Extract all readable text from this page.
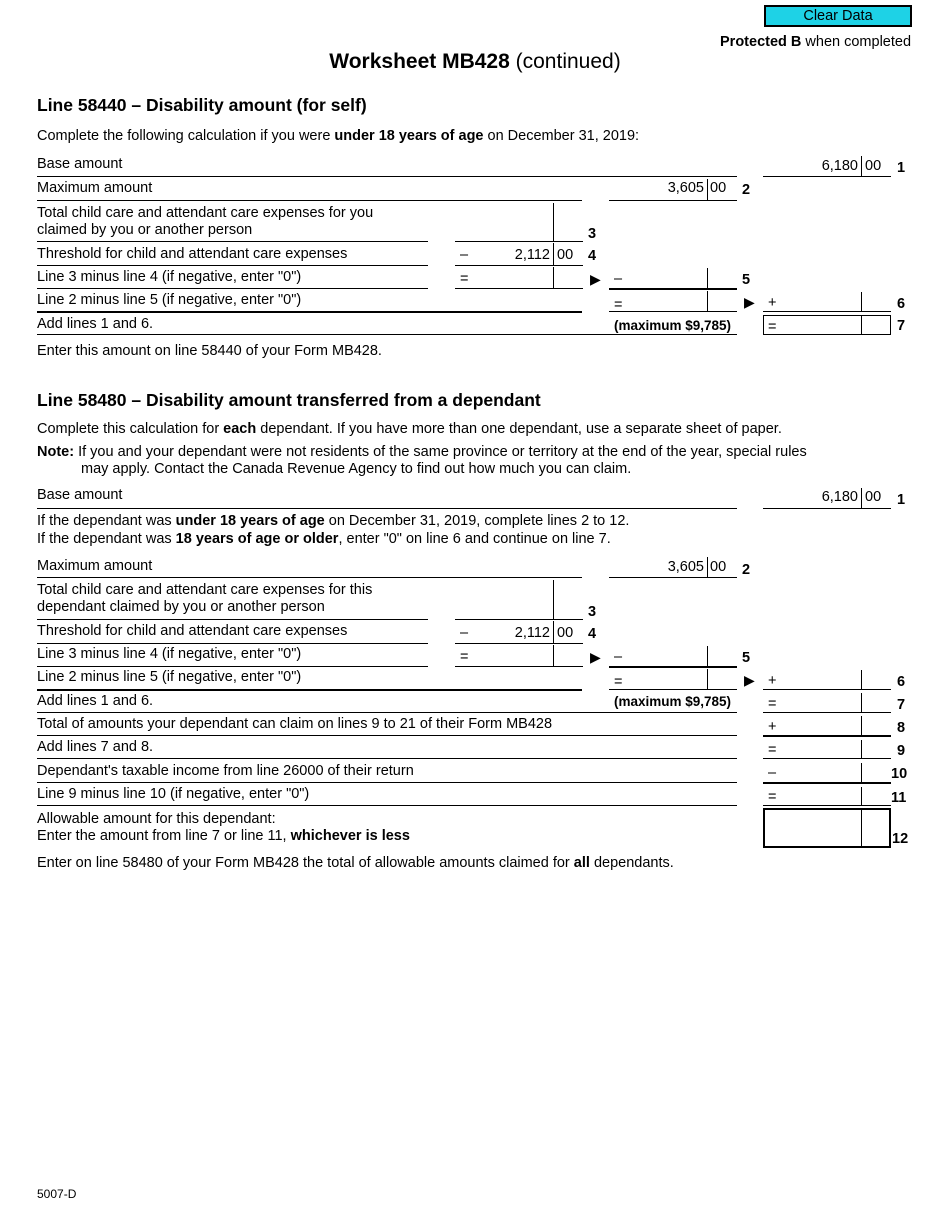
Clear Data
Protected B when completed
Worksheet MB428 (continued)
Line 58440 – Disability amount (for self)
Complete the following calculation if you were under 18 years of age on December 31, 2019:
Base amount	6,180 00 1
Maximum amount	3,605 00 2
Total child care and attendant care expenses for you
claimed by you or another person	3
Threshold for child and attendant care expenses	–	2,112 00 4
Line 3 minus line 4 (if negative, enter "0")	=	▶ –	5
Line 2 minus line 5 (if negative, enter "0")	=	▶ +	6
Add lines 1 and 6.	(maximum $9,785)	=	7
Enter this amount on line 58440 of your Form MB428.
Line 58480 – Disability amount transferred from a dependant
Complete this calculation for each dependant. If you have more than one dependant, use a separate sheet of paper.
Note: If you and your dependant were not residents of the same province or territory at the end of the year, special rules
may apply. Contact the Canada Revenue Agency to find out how much you can claim.
Base amount	6,180 00 1
If the dependant was under 18 years of age on December 31, 2019, complete lines 2 to 12.
If the dependant was 18 years of age or older, enter "0" on line 6 and continue on line 7.
Maximum amount	3,605 00 2
Total child care and attendant care expenses for this
dependant claimed by you or another person	3
Threshold for child and attendant care expenses	–	2,112 00 4
Line 3 minus line 4 (if negative, enter "0")	=	▶ –	5
Line 2 minus line 5 (if negative, enter "0")	=	▶ +	6
Add lines 1 and 6.	(maximum $9,785)	=	7
Total of amounts your dependant can claim on lines 9 to 21 of their Form MB428	+	8
Add lines 7 and 8.	=	9
Dependant's taxable income from line 26000 of their return	–	10
Line 9 minus line 10 (if negative, enter "0")	=	11
Allowable amount for this dependant:
Enter the amount from line 7 or line 11, whichever is less	12
Enter on line 58480 of your Form MB428 the total of allowable amounts claimed for all dependants.
5007-D
